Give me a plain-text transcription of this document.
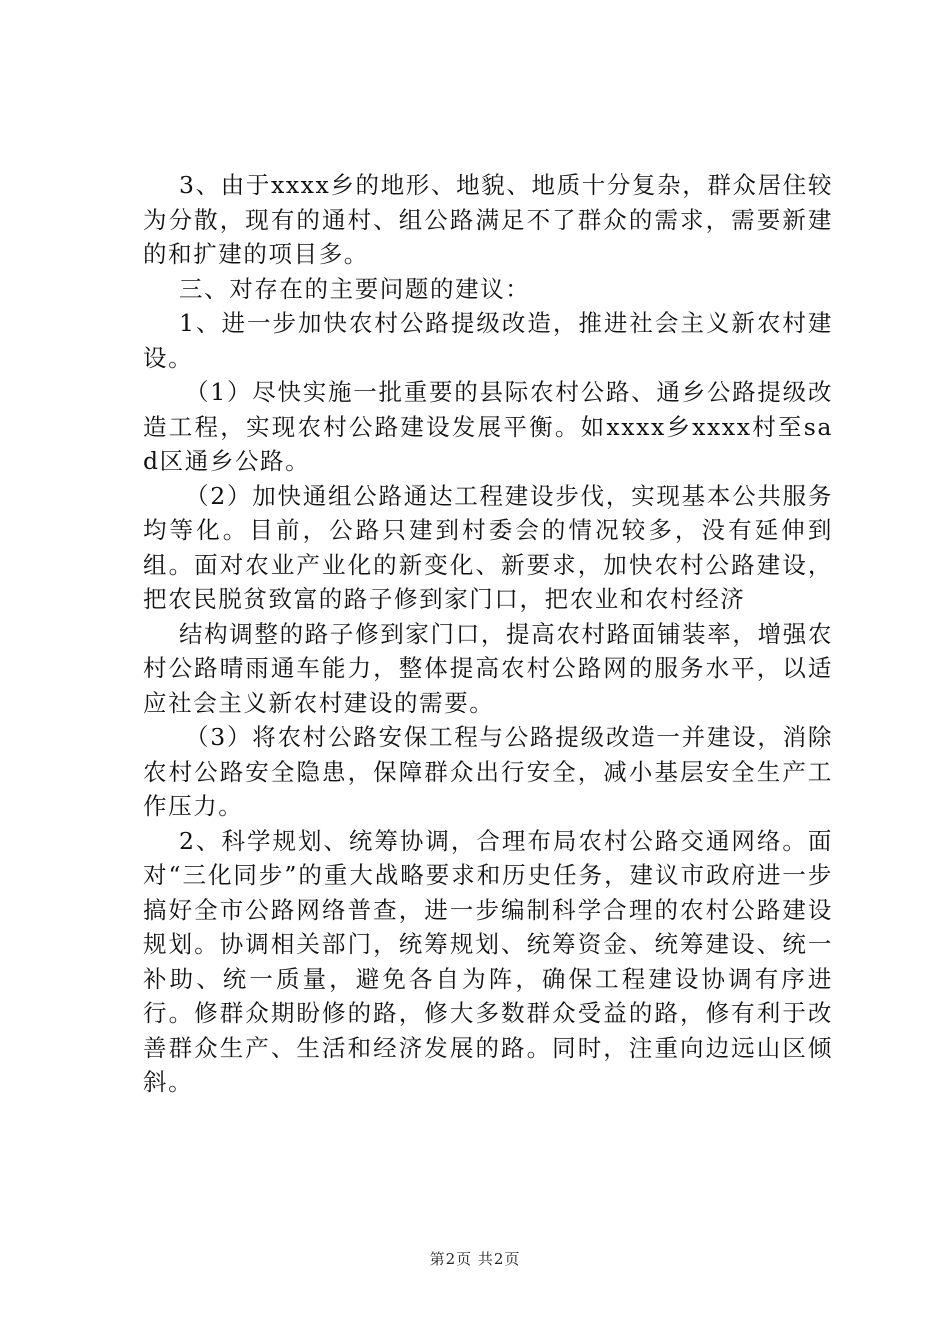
3、由于xxxx乡的地形、地貌、地质十分复杂，群众居住较为分散，现有的通村、组公路满足不了群众的需求，需要新建的和扩建的项目多。

三、对存在的主要问题的建议：

1、进一步加快农村公路提级改造，推进社会主义新农村建设。

（1）尽快实施一批重要的县际农村公路、通乡公路提级改造工程，实现农村公路建设发展平衡。如xxxx乡xxxx村至sad区通乡公路。

（2）加快通组公路通达工程建设步伐，实现基本公共服务均等化。目前，公路只建到村委会的情况较多，没有延伸到组。面对农业产业化的新变化、新要求，加快农村公路建设，把农民脱贫致富的路子修到家门口，把农业和农村经济

结构调整的路子修到家门口，提高农村路面铺装率，增强农村公路晴雨通车能力，整体提高农村公路网的服务水平，以适应社会主义新农村建设的需要。

（3）将农村公路安保工程与公路提级改造一并建设，消除农村公路安全隐患，保障群众出行安全，减小基层安全生产工作压力。

2、科学规划、统筹协调，合理布局农村公路交通网络。面对“三化同步”的重大战略要求和历史任务，建议市政府进一步搞好全市公路网络普查，进一步编制科学合理的农村公路建设规划。协调相关部门，统筹规划、统筹资金、统筹建设、统一补助、统一质量，避免各自为阵，确保工程建设协调有序进行。修群众期盼修的路，修大多数群众受益的路，修有利于改善群众生产、生活和经济发展的路。同时，注重向边远山区倾斜。

第2页 共2页
